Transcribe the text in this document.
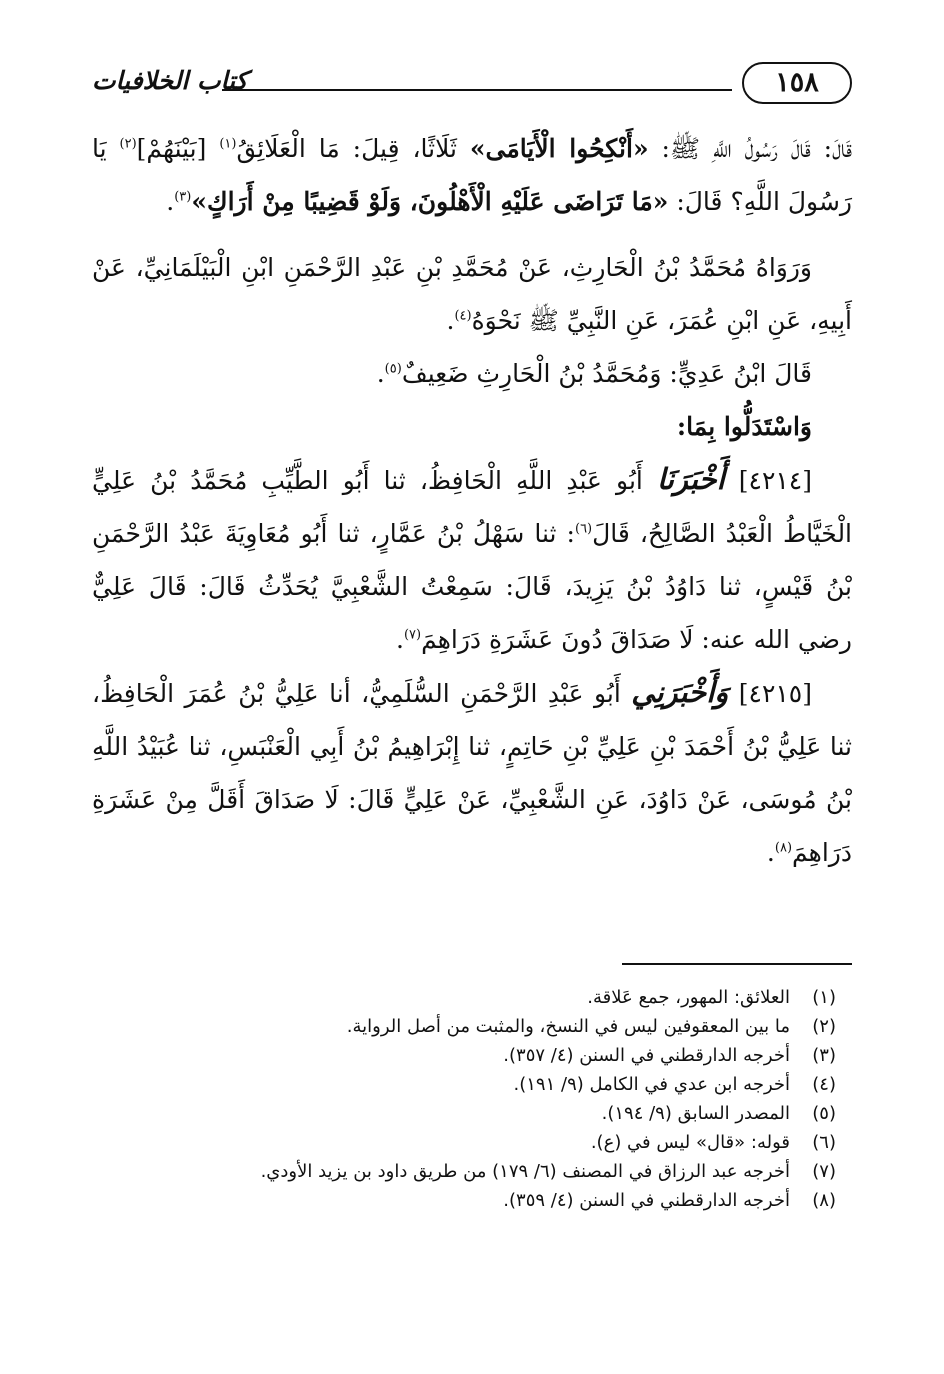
كتاب الخلافيات	١٥٨

قَالَ: قَالَ رَسُولُ اللَّهِ ﷺ: «أَنْكِحُوا الْأَيَامَى» ثَلَاثًا، قِيلَ: مَا الْعَلَائِقُ$^{(١)}$ [بَيْنَهُمْ]$^{(٢)}$ يَا رَسُولَ اللَّهِ؟ قَالَ: «مَا تَرَاضَى عَلَيْهِ الْأَهْلُونَ، وَلَوْ قَضِيبًا مِنْ أَرَاكٍ»$^{(٣)}$.

وَرَوَاهُ مُحَمَّدُ بْنُ الْحَارِثِ، عَنْ مُحَمَّدِ بْنِ عَبْدِ الرَّحْمَنِ ابْنِ الْبَيْلَمَانِيِّ، عَنْ أَبِيهِ، عَنِ ابْنِ عُمَرَ، عَنِ النَّبِيِّ ﷺ نَحْوَهُ$^{(٤)}$.

قَالَ ابْنُ عَدِيٍّ: وَمُحَمَّدُ بْنُ الْحَارِثِ ضَعِيفٌ$^{(٥)}$.

وَاسْتَدَلُّوا بِمَا:

[٤٢١٤] أَخْبَرَنَا أَبُو عَبْدِ اللَّهِ الْحَافِظُ، ثنا أَبُو الطَّيِّبِ مُحَمَّدُ بْنُ عَلِيٍّ الْخَيَّاطُ الْعَبْدُ الصَّالِحُ، قَالَ$^{(٦)}$: ثنا سَهْلُ بْنُ عَمَّارٍ، ثنا أَبُو مُعَاوِيَةَ عَبْدُ الرَّحْمَنِ بْنُ قَيْسٍ، ثنا دَاوُدُ بْنُ يَزِيدَ، قَالَ: سَمِعْتُ الشَّعْبِيَّ يُحَدِّثُ قَالَ: قَالَ عَلِيٌّ رضي الله عنه: لَا صَدَاقَ دُونَ عَشَرَةِ دَرَاهِمَ$^{(٧)}$.

[٤٢١٥] وَأَخْبَرَنِي أَبُو عَبْدِ الرَّحْمَنِ السُّلَمِيُّ، أنا عَلِيُّ بْنُ عُمَرَ الْحَافِظُ، ثنا عَلِيُّ بْنُ أَحْمَدَ بْنِ عَلِيِّ بْنِ حَاتِمٍ، ثنا إِبْرَاهِيمُ بْنُ أَبِي الْعَنْبَسِ، ثنا عُبَيْدُ اللَّهِ بْنُ مُوسَى، عَنْ دَاوُدَ، عَنِ الشَّعْبِيِّ، عَنْ عَلِيٍّ قَالَ: لَا صَدَاقَ أَقَلَّ مِنْ عَشَرَةِ دَرَاهِمَ$^{(٨)}$.

(١)العلائق: المهور، جمع عَلاقة.
(٢)ما بين المعقوفين ليس في النسخ، والمثبت من أصل الرواية.
(٣)أخرجه الدارقطني في السنن (٤/ ٣٥٧).
(٤)أخرجه ابن عدي في الكامل (٩/ ١٩١).
(٥)المصدر السابق (٩/ ١٩٤).
(٦)قوله: «قال» ليس في (ع).
(٧)أخرجه عبد الرزاق في المصنف (٦/ ١٧٩) من طريق داود بن يزيد الأودي.
(٨)أخرجه الدارقطني في السنن (٤/ ٣٥٩).
